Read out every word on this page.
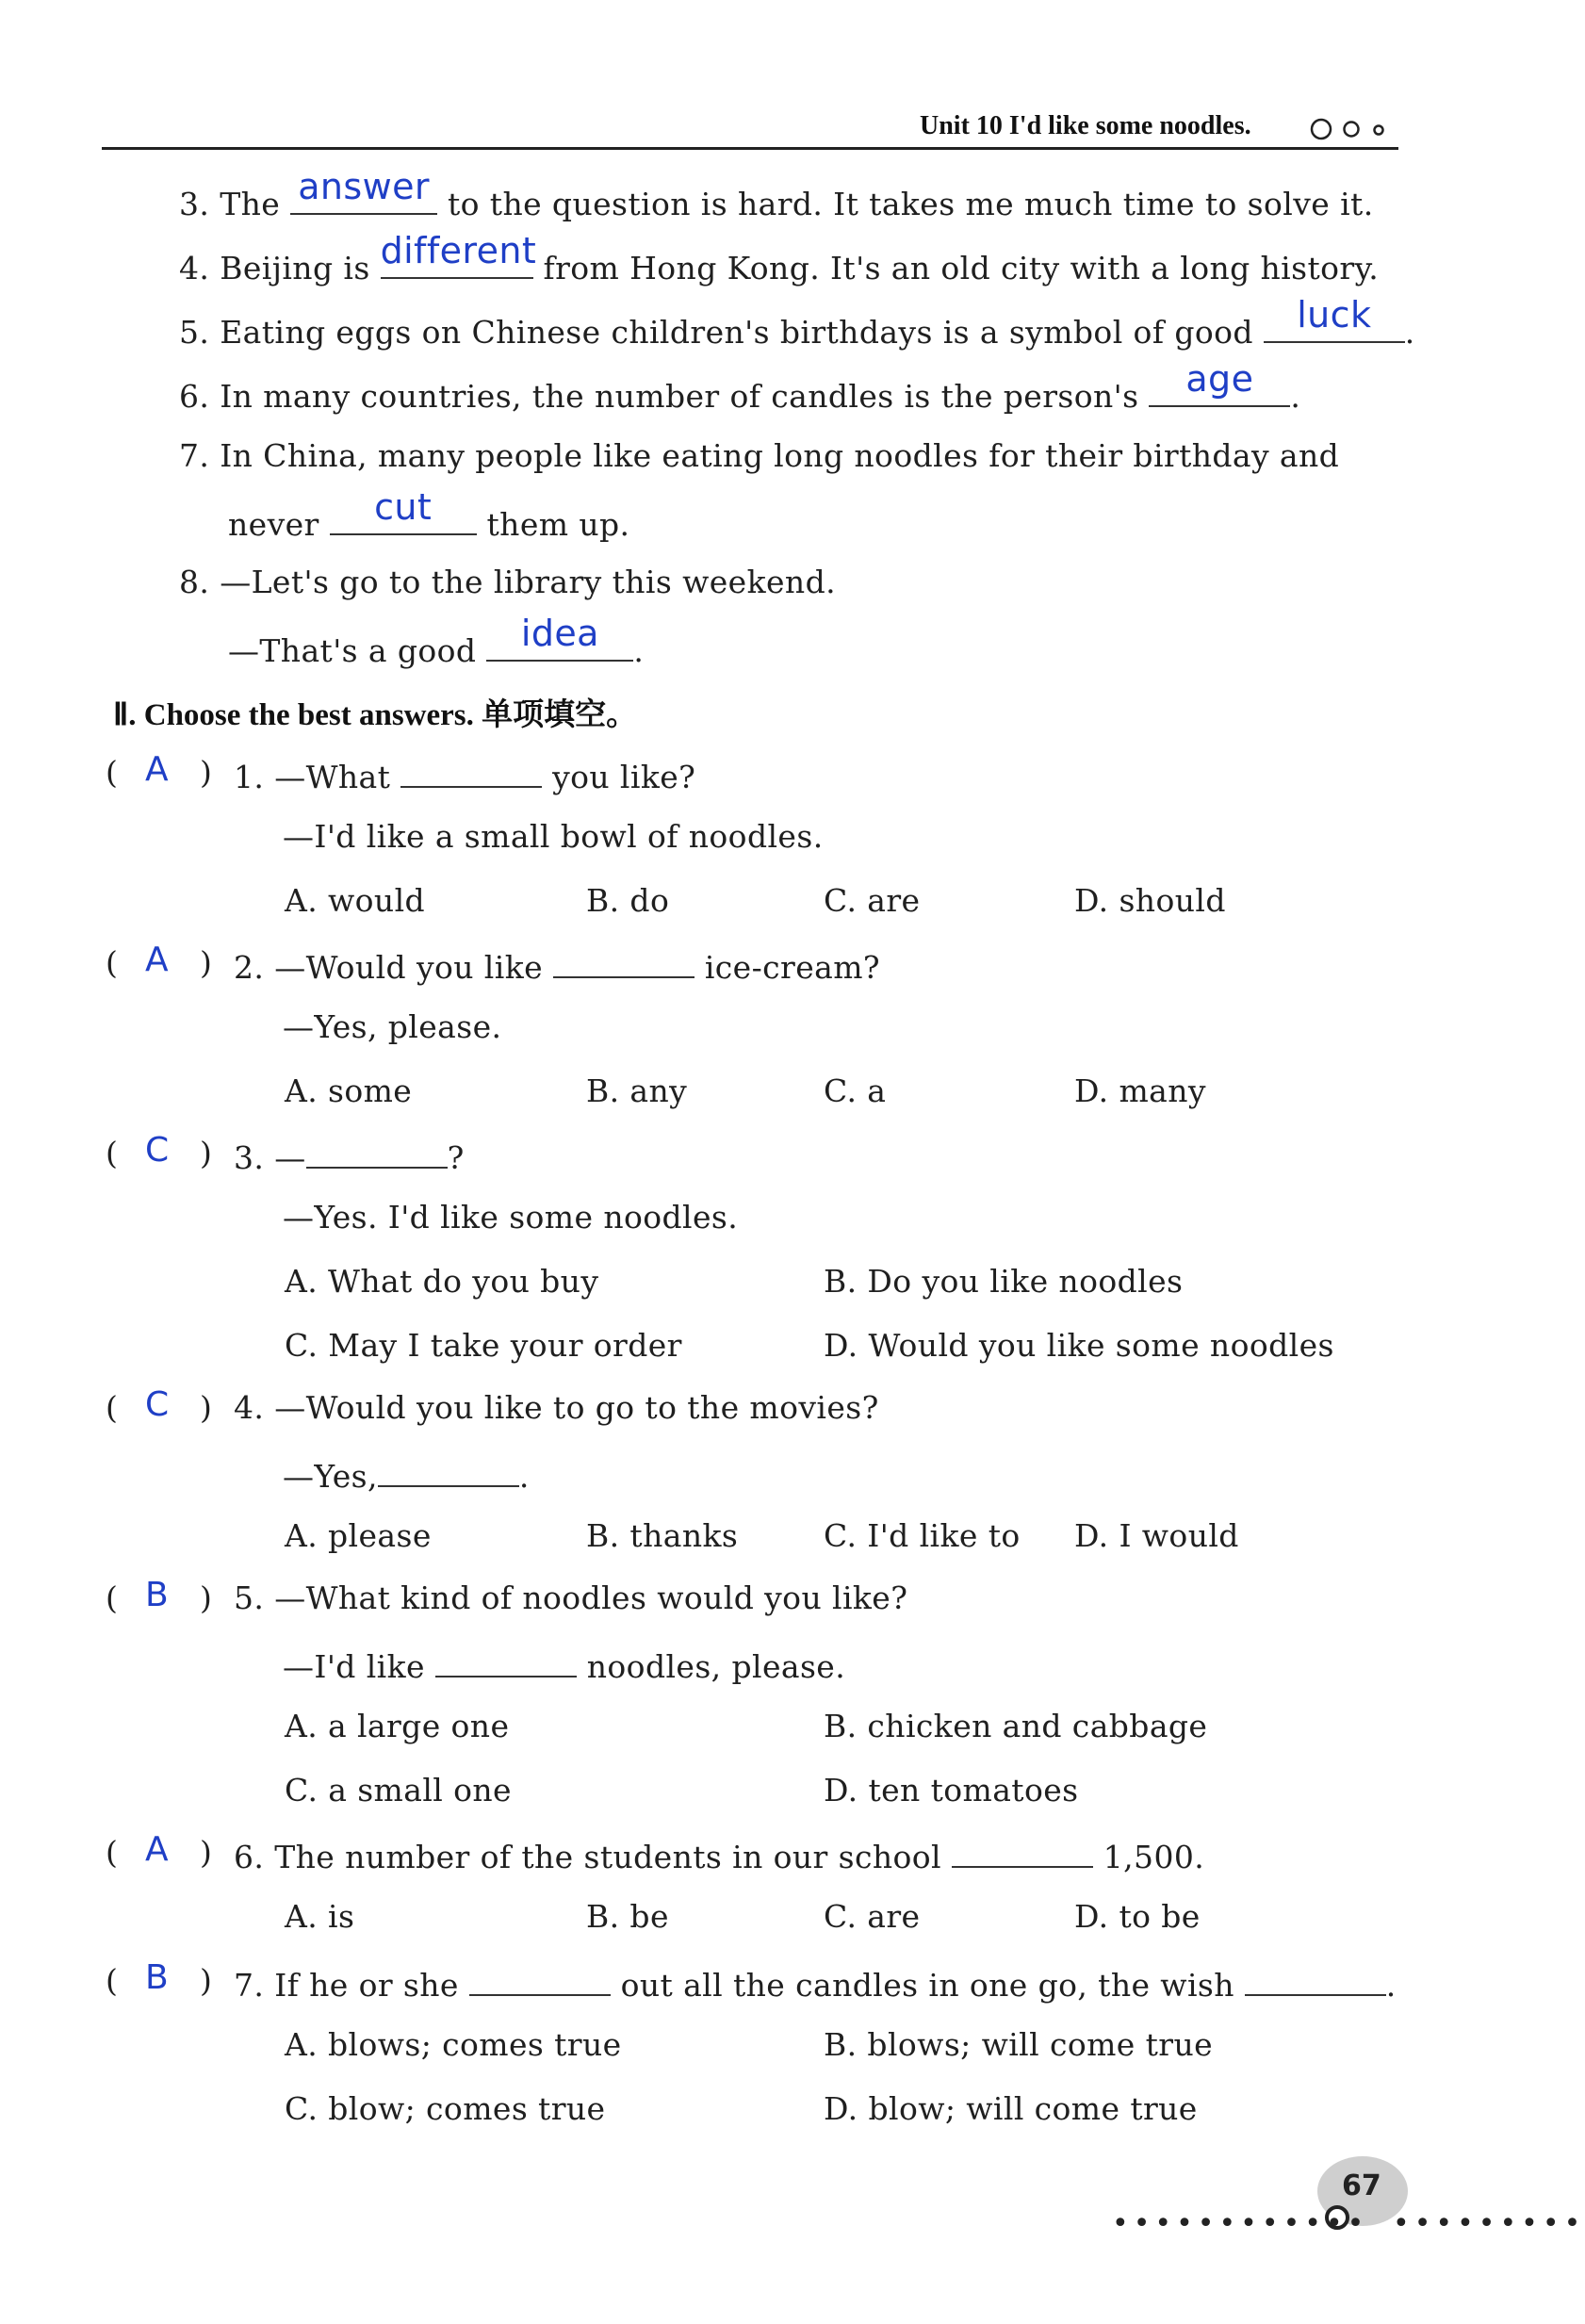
Unit 10 I'd like some noodles.
3. The answer to the question is hard. It takes me much time to solve it.
4. Beijing is different from Hong Kong. It's an old city with a long history.
5. Eating eggs on Chinese children's birthdays is a symbol of good	luck	.
6. In many countries, the number of candles is the person's	age	.
7. In China, many people like eating long noodles for their birthday and
never	cut	them up.
8. —Let's go to the library this weekend.
—That's a good	idea	.
Ⅱ. Choose the best answers. 单项填空。
( A ) 1. —What	you like?
—I'd like a small bowl of noodles.
A. would	B. do	C. are	D. should
( A ) 2. —Would you like	ice-cream?
—Yes, please.
A. some	B. any	C. a	D. many
( C ) 3. —	?
—Yes. I'd like some noodles.
A. What do you buy	B. Do you like noodles
C. May I take your order	D. Would you like some noodles
( C ) 4. —Would you like to go to the movies?
—Yes,	.
A. please	B. thanks	C. I'd like to D. I would
( B ) 5. —What kind of noodles would you like?
—I'd like	noodles, please.
A. a large one	B. chicken and cabbage
C. a small one	D. ten tomatoes
( A ) 6. The number of the students in our school	1,500.
A. is	B. be	C. are	D. to be
( B ) 7. If he or she	out all the candles in one go, the wish	.
A. blows; comes true	B. blows; will come true
C. blow; comes true	D. blow; will come true
67
•••••••••••• •••••••••
